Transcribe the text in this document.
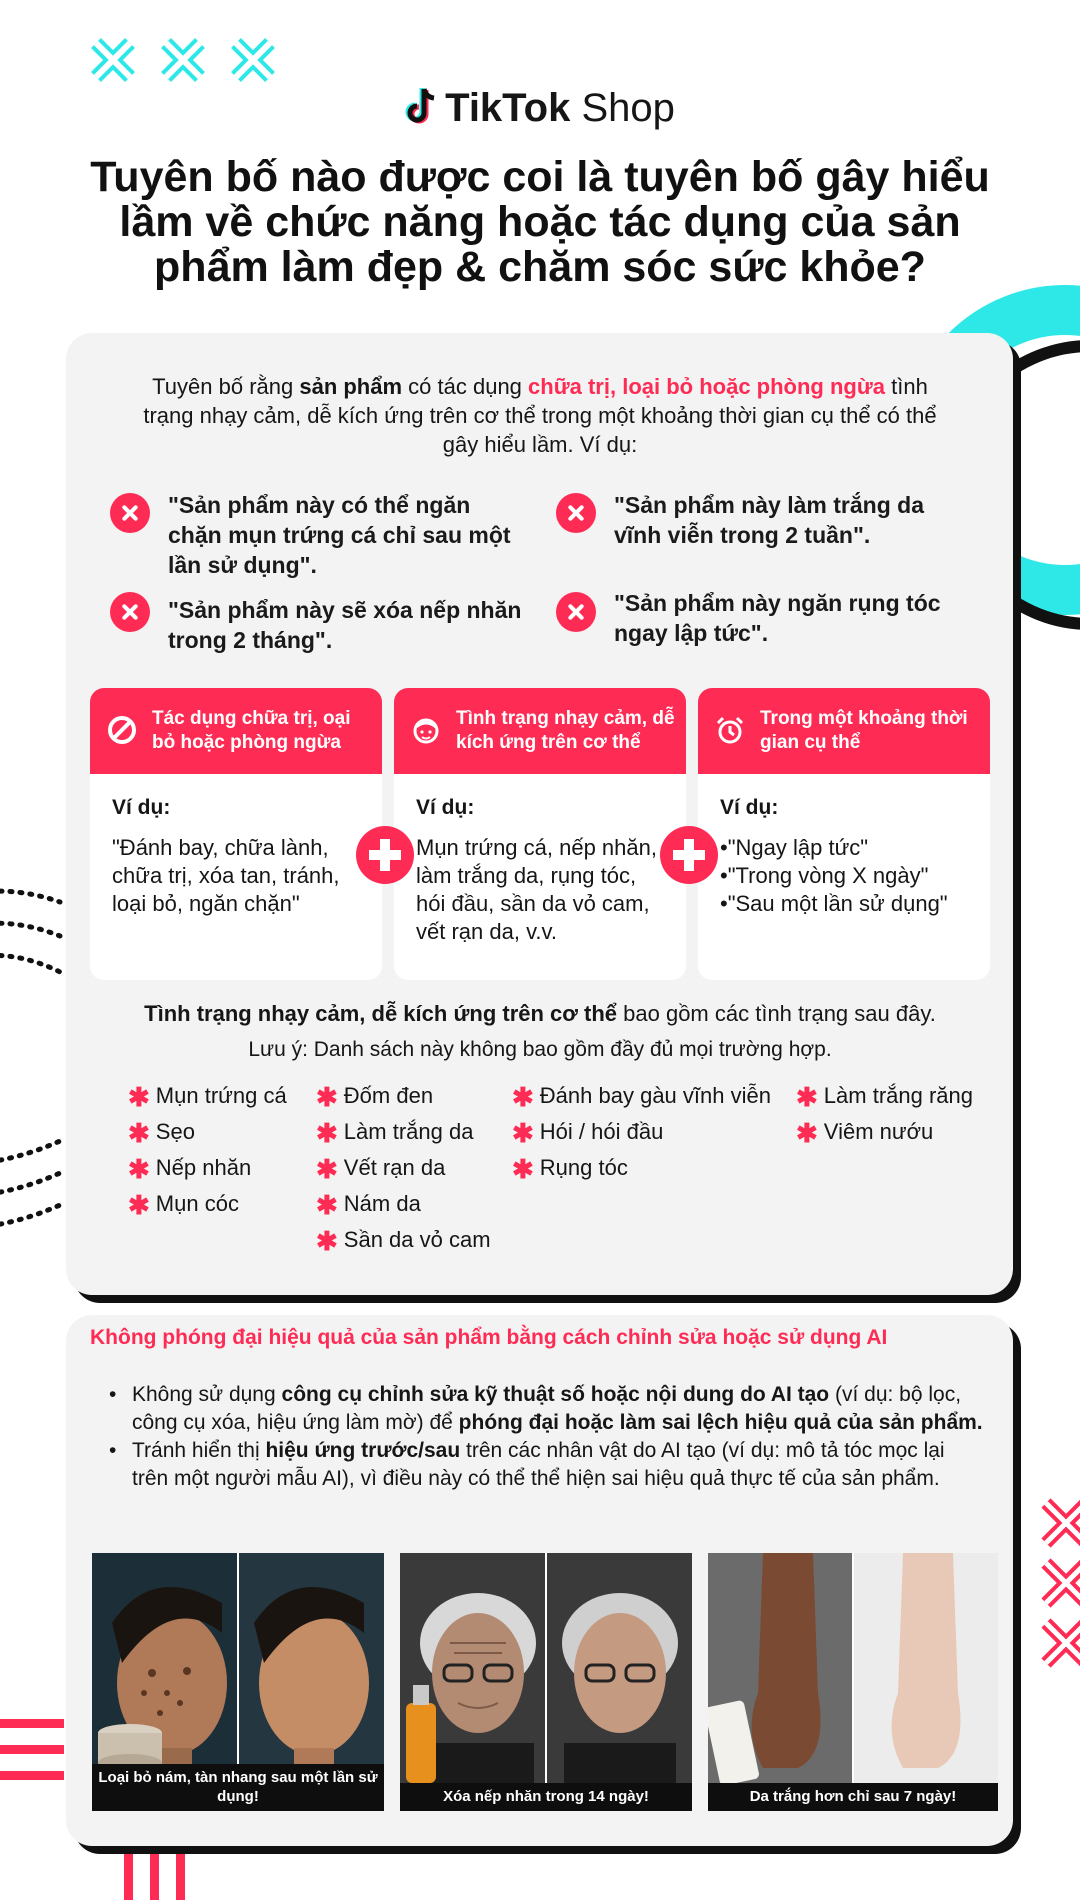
TikTok Shop
Tuyên bố nào được coi là tuyên bố gây hiểu lầm về chức năng hoặc tác dụng của sản phẩm làm đẹp & chăm sóc sức khỏe?
Tuyên bố rằng sản phẩm có tác dụng chữa trị, loại bỏ hoặc phòng ngừa tình trạng nhạy cảm, dễ kích ứng trên cơ thể trong một khoảng thời gian cụ thể có thể gây hiểu lầm. Ví dụ:
"Sản phẩm này có thể ngăn chặn mụn trứng cá chỉ sau một lần sử dụng".
"Sản phẩm này làm trắng da vĩnh viễn trong 2 tuần".
"Sản phẩm này sẽ xóa nếp nhăn trong 2 tháng".
"Sản phẩm này ngăn rụng tóc ngay lập tức".
Tác dụng chữa trị, oại bỏ hoặc phòng ngừa
Ví dụ:
"Đánh bay, chữa lành, chữa trị, xóa tan, tránh, loại bỏ, ngăn chặn"
Tình trạng nhạy cảm, dễ kích ứng trên cơ thể
Ví dụ:
Mụn trứng cá, nếp nhăn, làm trắng da, rụng tóc, hói đầu, sần da vỏ cam, vết rạn da, v.v.
Trong một khoảng thời gian cụ thể
Ví dụ:
• "Ngay lập tức"
• "Trong vòng X ngày"
• "Sau một lần sử dụng"
Tình trạng nhạy cảm, dễ kích ứng trên cơ thể bao gồm các tình trạng sau đây.
Lưu ý: Danh sách này không bao gồm đầy đủ mọi trường hợp.
✱ Mụn trứng cá
✱ Sẹo
✱ Nếp nhăn
✱ Mụn cóc
✱ Đốm đen
✱ Làm trắng da
✱ Vết rạn da
✱ Nám da
✱ Sần da vỏ cam
✱ Đánh bay gàu vĩnh viễn
✱ Hói / hói đầu
✱ Rụng tóc
✱ Làm trắng răng
✱ Viêm nướu
Không phóng đại hiệu quả của sản phẩm bằng cách chỉnh sửa hoặc sử dụng AI
• Không sử dụng công cụ chỉnh sửa kỹ thuật số hoặc nội dung do AI tạo (ví dụ: bộ lọc, công cụ xóa, hiệu ứng làm mờ) để phóng đại hoặc làm sai lệch hiệu quả của sản phẩm.
• Tránh hiển thị hiệu ứng trước/sau trên các nhân vật do AI tạo (ví dụ: mô tả tóc mọc lại trên một người mẫu AI), vì điều này có thể thể hiện sai hiệu quả thực tế của sản phẩm.
Loại bỏ nám, tàn nhang sau một lần sử dụng!	Xóa nếp nhăn trong 14 ngày!	Da trắng hơn chỉ sau 7 ngày!
